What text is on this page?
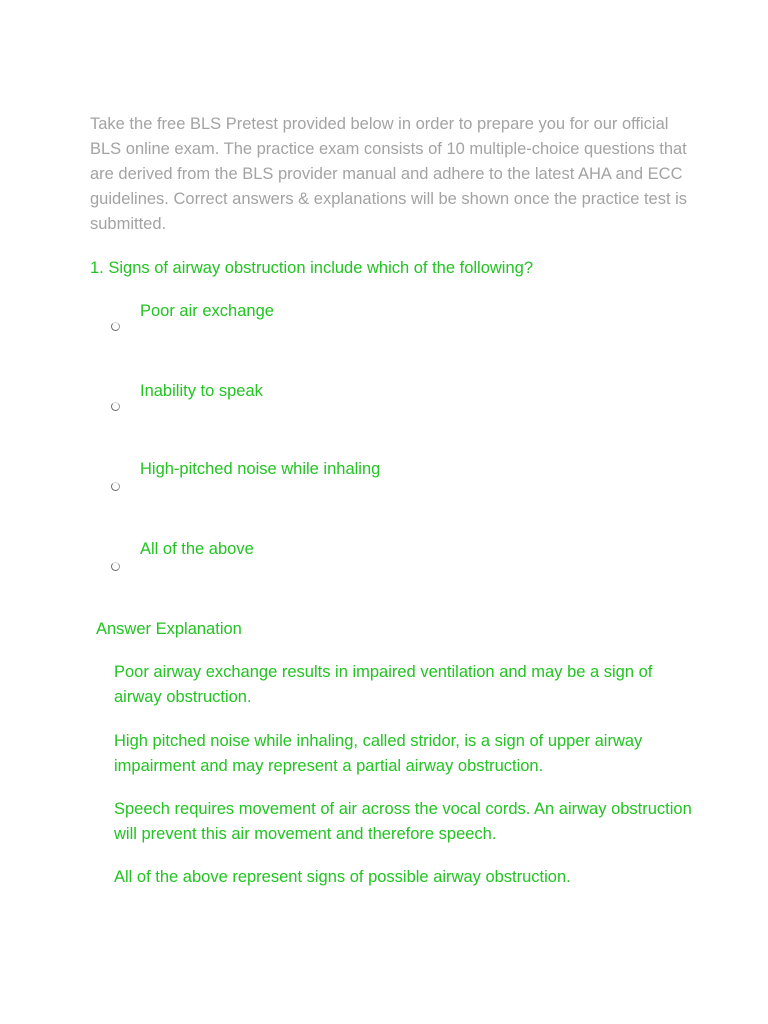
Take the free BLS Pretest provided below in order to prepare you for our official BLS online exam. The practice exam consists of 10 multiple-choice questions that are derived from the BLS provider manual and adhere to the latest AHA and ECC guidelines. Correct answers & explanations will be shown once the practice test is submitted.

1. Signs of airway obstruction include which of the following?

Poor air exchange
Inability to speak
High-pitched noise while inhaling
All of the above

Answer Explanation

Poor airway exchange results in impaired ventilation and may be a sign of airway obstruction.

High pitched noise while inhaling, called stridor, is a sign of upper airway impairment and may represent a partial airway obstruction.

Speech requires movement of air across the vocal cords. An airway obstruction will prevent this air movement and therefore speech.

All of the above represent signs of possible airway obstruction.
